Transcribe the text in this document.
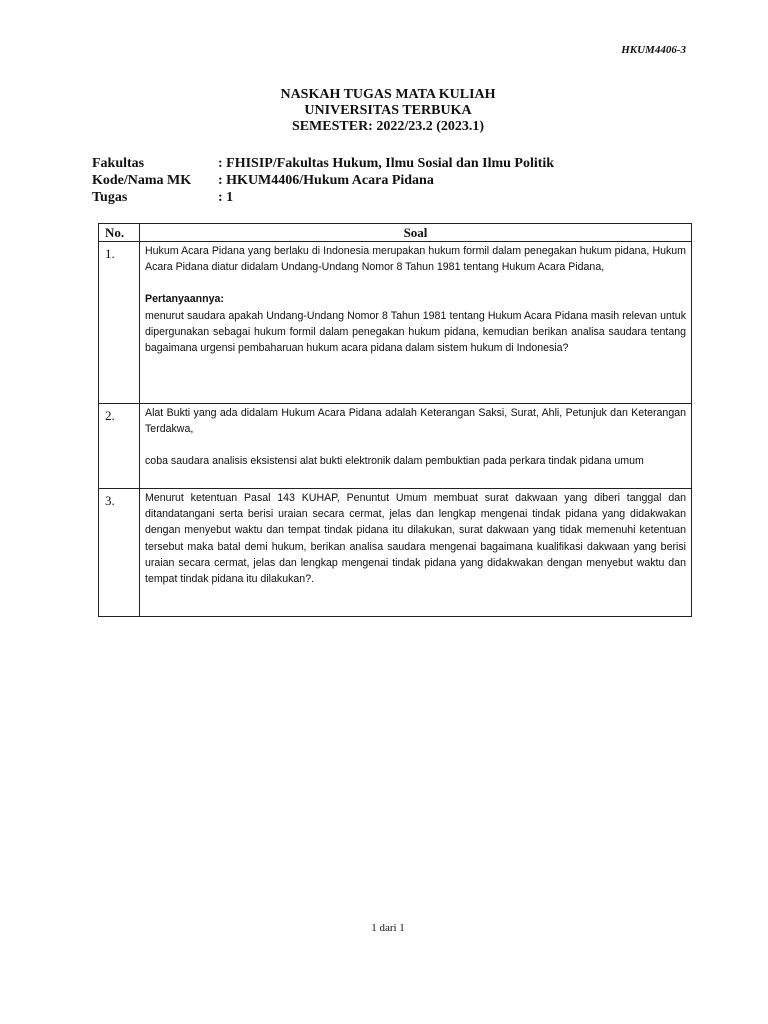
HKUM4406-3
NASKAH TUGAS MATA KULIAH
UNIVERSITAS TERBUKA
SEMESTER: 2022/23.2 (2023.1)
Fakultas	: FHISIP/Fakultas Hukum, Ilmu Sosial dan Ilmu Politik
Kode/Nama MK	: HKUM4406/Hukum Acara Pidana
Tugas	: 1
No.	Soal
1.	Hukum Acara Pidana yang berlaku di Indonesia merupakan hukum formil dalam penegakan hukum pidana, Hukum Acara Pidana diatur didalam Undang-Undang Nomor 8 Tahun 1981 tentang Hukum Acara Pidana,

Pertanyaannya:

menurut saudara apakah Undang-Undang Nomor 8 Tahun 1981 tentang Hukum Acara Pidana masih relevan untuk dipergunakan sebagai hukum formil dalam penegakan hukum pidana, kemudian berikan analisa saudara tentang bagaimana urgensi pembaharuan hukum acara pidana dalam sistem hukum di Indonesia?

2.	Alat Bukti yang ada didalam Hukum Acara Pidana adalah Keterangan Saksi, Surat, Ahli, Petunjuk dan Keterangan Terdakwa,

coba saudara analisis eksistensi alat bukti elektronik dalam pembuktian pada perkara tindak pidana umum

3.	Menurut ketentuan Pasal 143 KUHAP, Penuntut Umum membuat surat dakwaan yang diberi tanggal dan ditandatangani serta berisi uraian secara cermat, jelas dan lengkap mengenai tindak pidana yang didakwakan dengan menyebut waktu dan tempat tindak pidana itu dilakukan, surat dakwaan yang tidak memenuhi ketentuan tersebut maka batal demi hukum, berikan analisa saudara mengenai bagaimana kualifikasi dakwaan yang berisi uraian secara cermat, jelas dan lengkap mengenai tindak pidana yang didakwakan dengan menyebut waktu dan tempat tindak pidana itu dilakukan?.

1 dari 1
